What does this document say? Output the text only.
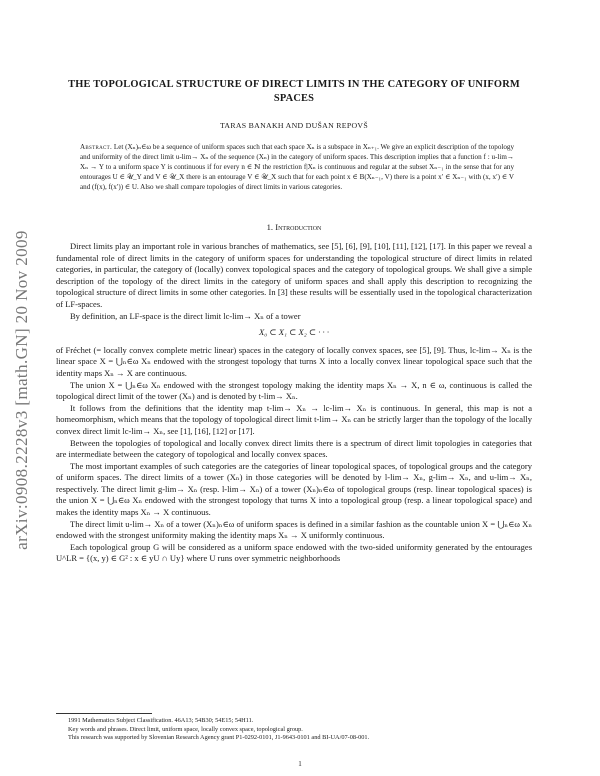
arXiv:0908.2228v3 [math.GN] 20 Nov 2009
THE TOPOLOGICAL STRUCTURE OF DIRECT LIMITS IN THE CATEGORY OF UNIFORM SPACES
TARAS BANAKH AND DUŠAN REPOVŠ
Abstract. Let (Xₙ)ₙ∈ω be a sequence of uniform spaces such that each space Xₙ is a subspace in Xₙ₊₁. We give an explicit description of the topology and uniformity of the direct limit u-lim→ Xₙ of the sequence (Xₙ) in the category of uniform spaces. This description implies that a function f : u-lim→ Xₙ → Y to a uniform space Y is continuous if for every n ∈ ℕ the restriction f|Xₙ is continuous and regular at the subset Xₙ₋₁ in the sense that for any entourages U ∈ 𝒰_Y and V ∈ 𝒰_X there is an entourage V ∈ 𝒰_X such that for each point x ∈ B(Xₙ₋₁, V) there is a point x′ ∈ Xₙ₋₁ with (x, x′) ∈ V and (f(x), f(x′)) ∈ U. Also we shall compare topologies of direct limits in various categories.
1. Introduction

Direct limits play an important role in various branches of mathematics, see [5], [6], [9], [10], [11], [12], [17]. In this paper we reveal a fundamental role of direct limits in the category of uniform spaces for understanding the topological structure of direct limits in related categories, in particular, the category of (locally) convex topological spaces and the category of topological groups. We shall give a simple description of the topology of the direct limits in the category of uniform spaces and shall apply this description to recognizing the topological structure of direct limits in some other categories. In [3] these results will be essentially used in the topological characterization of LF-spaces.

By definition, an LF-space is the direct limit lc-lim→ Xₙ of a tower

X₀ ⊂ X₁ ⊂ X₂ ⊂ · · ·

of Fréchet (= locally convex complete metric linear) spaces in the category of locally convex spaces, see [5], [9]. Thus, lc-lim→ Xₙ is the linear space X = ⋃ₙ∈ω Xₙ endowed with the strongest topology that turns X into a locally convex linear topological space such that the identity maps Xₙ → X are continuous.

The union X = ⋃ₙ∈ω Xₙ endowed with the strongest topology making the identity maps Xₙ → X, n ∈ ω, continuous is called the topological direct limit of the tower (Xₙ) and is denoted by t-lim→ Xₙ.

It follows from the definitions that the identity map t-lim→ Xₙ → lc-lim→ Xₙ is continuous. In general, this map is not a homeomorphism, which means that the topology of topological direct limit t-lim→ Xₙ can be strictly larger than the topology of the locally convex direct limit lc-lim→ Xₙ, see [1], [16], [12] or [17].

Between the topologies of topological and locally convex direct limits there is a spectrum of direct limit topologies in categories that are intermediate between the category of topological and locally convex spaces.

The most important examples of such categories are the categories of linear topological spaces, of topological groups and the category of uniform spaces. The direct limits of a tower (Xₙ) in those categories will be denoted by l-lim→ Xₙ, g-lim→ Xₙ, and u-lim→ Xₙ, respectively. The direct limit g-lim→ Xₙ (resp. l-lim→ Xₙ) of a tower (Xₙ)ₙ∈ω of topological groups (resp. linear topological spaces) is the union X = ⋃ₙ∈ω Xₙ endowed with the strongest topology that turns X into a topological group (resp. a linear topological space) and makes the identity maps Xₙ → X continuous.

The direct limit u-lim→ Xₙ of a tower (Xₙ)ₙ∈ω of uniform spaces is defined in a similar fashion as the countable union X = ⋃ₙ∈ω Xₙ endowed with the strongest uniformity making the identity maps Xₙ → X uniformly continuous.

Each topological group G will be considered as a uniform space endowed with the two-sided uniformity generated by the entourages U^LR = {(x, y) ∈ G² : x ∈ yU ∩ Uy} where U runs over symmetric neighborhoods

1991 Mathematics Subject Classification. 46A13; 54B30; 54E15; 54H11.
Key words and phrases. Direct limit, uniform space, locally convex space, topological group.
This research was supported by Slovenian Research Agency grant P1-0292-0101, J1-9643-0101 and BI-UA/07-08-001.
1
